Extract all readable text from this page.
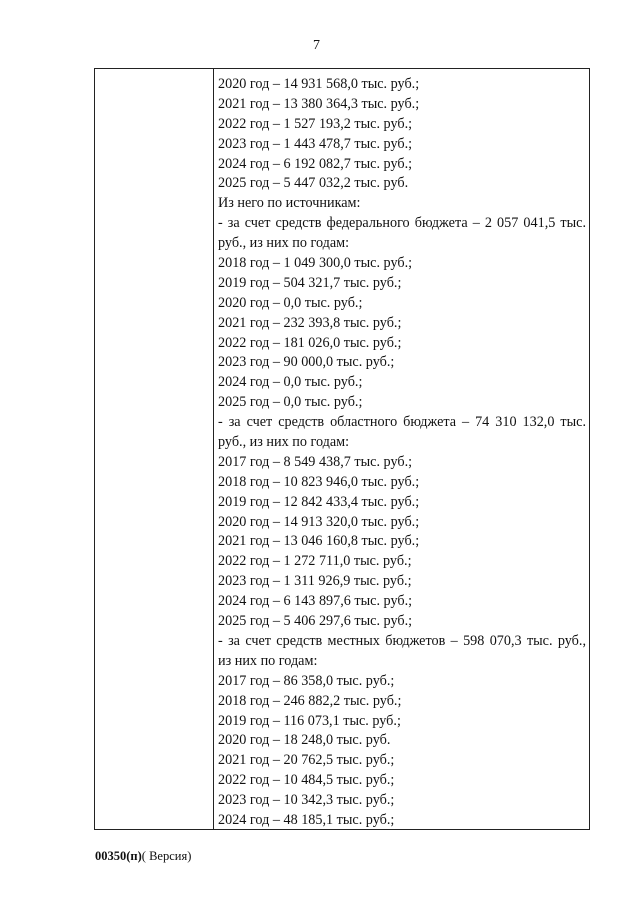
7
2020 год – 14 931 568,0 тыс. руб.;
2021 год – 13 380 364,3 тыс. руб.;
2022 год – 1 527 193,2 тыс. руб.;
2023 год – 1 443 478,7 тыс. руб.;
2024 год – 6 192 082,7 тыс. руб.;
2025 год – 5 447 032,2 тыс. руб.
Из него по источникам:
- за счет средств федерального бюджета – 2 057 041,5 тыс.
руб., из них по годам:
2018 год – 1 049 300,0 тыс. руб.;
2019 год – 504 321,7 тыс. руб.;
2020 год – 0,0 тыс. руб.;
2021 год – 232 393,8 тыс. руб.;
2022 год – 181 026,0 тыс. руб.;
2023 год – 90 000,0 тыс. руб.;
2024 год – 0,0 тыс. руб.;
2025 год – 0,0 тыс. руб.;
- за счет средств областного бюджета – 74 310 132,0 тыс.
руб., из них по годам:
2017 год – 8 549 438,7 тыс. руб.;
2018 год – 10 823 946,0 тыс. руб.;
2019 год – 12 842 433,4 тыс. руб.;
2020 год – 14 913 320,0 тыс. руб.;
2021 год – 13 046 160,8 тыс. руб.;
2022 год – 1 272 711,0 тыс. руб.;
2023 год – 1 311 926,9 тыс. руб.;
2024 год – 6 143 897,6 тыс. руб.;
2025 год – 5 406 297,6 тыс. руб.;
- за счет средств местных бюджетов – 598 070,3 тыс. руб.,
из них по годам:
2017 год – 86 358,0 тыс. руб.;
2018 год – 246 882,2 тыс. руб.;
2019 год – 116 073,1 тыс. руб.;
2020 год – 18 248,0 тыс. руб.
2021 год – 20 762,5 тыс. руб.;
2022 год – 10 484,5 тыс. руб.;
2023 год – 10 342,3 тыс. руб.;
2024 год – 48 185,1 тыс. руб.;
00350(п)( Версия)
